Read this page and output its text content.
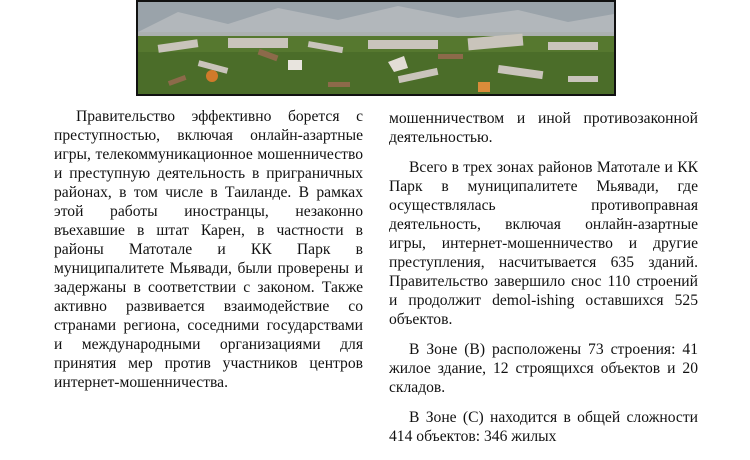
Правительство эффективно борется с преступностью, включая онлайн-азартные игры, телекоммуникационное мошенничество и преступную деятельность в приграничных районах, в том числе в Таиланде. В рамках этой работы иностранцы, незаконно въехавшие в штат Карен, в частности в районы Матотале и КК Парк в муниципалитете Мьявади, были проверены и задержаны в соответствии с законом. Также активно развивается взаимодействие со странами региона, соседними государствами и международными организациями для принятия мер против участников центров интернет-мошенничества.

мошенничеством и иной противозаконной деятельностью.

Всего в трех зонах районов Матотале и КК Парк в муниципалитете Мьявади, где осуществлялась противоправная деятельность, включая онлайн-азартные игры, интернет-мошенничество и другие преступления, насчитывается 635 зданий. Правительство завершило снос 110 строений и продолжит demol-ishing оставшихся 525 объектов.

В Зоне (В) расположены 73 строения: 41 жилое здание, 12 строящихся объектов и 20 складов.

В Зоне (С) находится в общей сложности 414 объектов: 346 жилых
